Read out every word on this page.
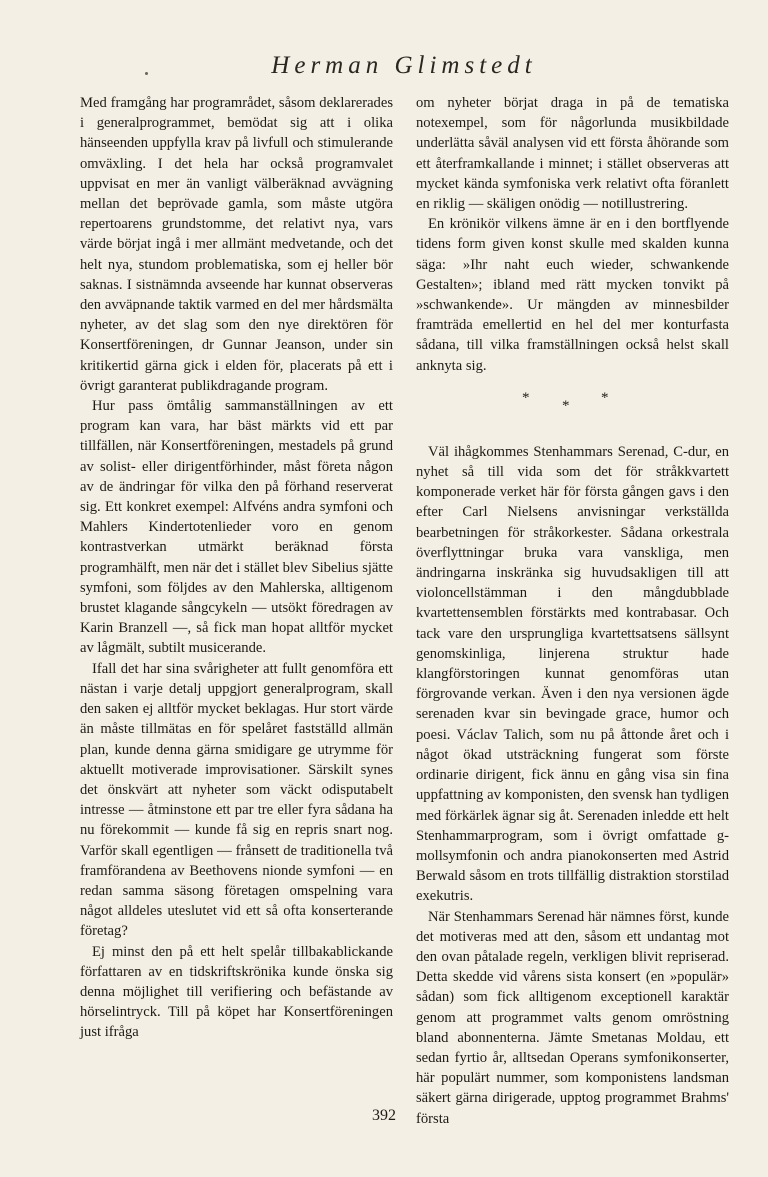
Herman Glimstedt

Med framgång har programrådet, såsom deklarerades i generalprogrammet, bemödat sig att i olika hänseenden uppfylla krav på livfull och stimulerande omväxling. I det hela har också programvalet uppvisat en mer än vanligt välberäknad avvägning mellan det beprövade gamla, som måste utgöra repertoarens grundstomme, det relativt nya, vars värde börjat ingå i mer allmänt medvetande, och det helt nya, stundom problematiska, som ej heller bör saknas. I sistnämnda avseende har kunnat observeras den avväpnande taktik varmed en del mer hårdsmälta nyheter, av det slag som den nye direktören för Konsertföreningen, dr Gunnar Jeanson, under sin kritikertid gärna gick i elden för, placerats på ett i övrigt garanterat publikdragande program.

Hur pass ömtålig sammanställningen av ett program kan vara, har bäst märkts vid ett par tillfällen, när Konsertföreningen, mestadels på grund av solist- eller dirigentförhinder, måst företa någon av de ändringar för vilka den på förhand reserverat sig. Ett konkret exempel: Alfvéns andra symfoni och Mahlers Kindertotenlieder voro en genom kontrastverkan utmärkt beräknad första programhälft, men när det i stället blev Sibelius sjätte symfoni, som följdes av den Mahlerska, alltigenom brustet klagande sångcykeln — utsökt föredragen av Karin Branzell —, så fick man hopat alltför mycket av lågmält, subtilt musicerande.

Ifall det har sina svårigheter att fullt genomföra ett nästan i varje detalj uppgjort generalprogram, skall den saken ej alltför mycket beklagas. Hur stort värde än måste tillmätas en för spelåret fastställd allmän plan, kunde denna gärna smidigare ge utrymme för aktuellt motiverade improvisationer. Särskilt synes det önskvärt att nyheter som väckt odisputabelt intresse — åtminstone ett par tre eller fyra sådana ha nu förekommit — kunde få sig en repris snart nog. Varför skall egentligen — frånsett de traditionella två framförandena av Beethovens nionde symfoni — en redan samma säsong företagen omspelning vara något alldeles uteslutet vid ett så ofta konserterande företag?

Ej minst den på ett helt spelår tillbakablickande författaren av en tidskriftskrönika kunde önska sig denna möjlighet till verifiering och befästande av hörselintryck. Till på köpet har Konsertföreningen just ifråga

om nyheter börjat draga in på de tematiska notexempel, som för någorlunda musikbildade underlätta såväl analysen vid ett första åhörande som ett återframkallande i minnet; i stället observeras att mycket kända symfoniska verk relativt ofta föranlett en riklig — skäligen onödig — notillustrering.

En krönikör vilkens ämne är en i den bortflyende tidens form given konst skulle med skalden kunna säga: »Ihr naht euch wieder, schwankende Gestalten»; ibland med rätt mycken tonvikt på »schwankende». Ur mängden av minnesbilder framträda emellertid en hel del mer konturfasta sådana, till vilka framställningen också helst skall anknyta sig.

* * *

Väl ihågkommes Stenhammars Serenad, C-dur, en nyhet så till vida som det för stråkkvartett komponerade verket här för första gången gavs i den efter Carl Nielsens anvisningar verkställda bearbetningen för stråkorkester. Sådana orkestrala överflyttningar bruka vara vanskliga, men ändringarna inskränka sig huvudsakligen till att violoncellstämman i den mångdubblade kvartettensemblen förstärkts med kontrabasar. Och tack vare den ursprungliga kvartettsatsens sällsynt genomskinliga, linjerena struktur hade klangförstoringen kunnat genomföras utan förgrovande verkan. Även i den nya versionen ägde serenaden kvar sin bevingade grace, humor och poesi. Václav Talich, som nu på åttonde året och i något ökad utsträckning fungerat som förste ordinarie dirigent, fick ännu en gång visa sin fina uppfattning av komponisten, den svensk han tydligen med förkärlek ägnar sig åt. Serenaden inledde ett helt Stenhammarprogram, som i övrigt omfattade g-mollsymfonin och andra pianokonserten med Astrid Berwald såsom en trots tillfällig distraktion storstilad exekutris.

När Stenhammars Serenad här nämnes först, kunde det motiveras med att den, såsom ett undantag mot den ovan påtalade regeln, verkligen blivit repriserad. Detta skedde vid vårens sista konsert (en »populär» sådan) som fick alltigenom exceptionell karaktär genom att programmet valts genom omröstning bland abonnenterna. Jämte Smetanas Moldau, ett sedan fyrtio år, alltsedan Operans symfonikonserter, här populärt nummer, som komponistens landsman säkert gärna dirigerade, upptog programmet Brahms' första

392
